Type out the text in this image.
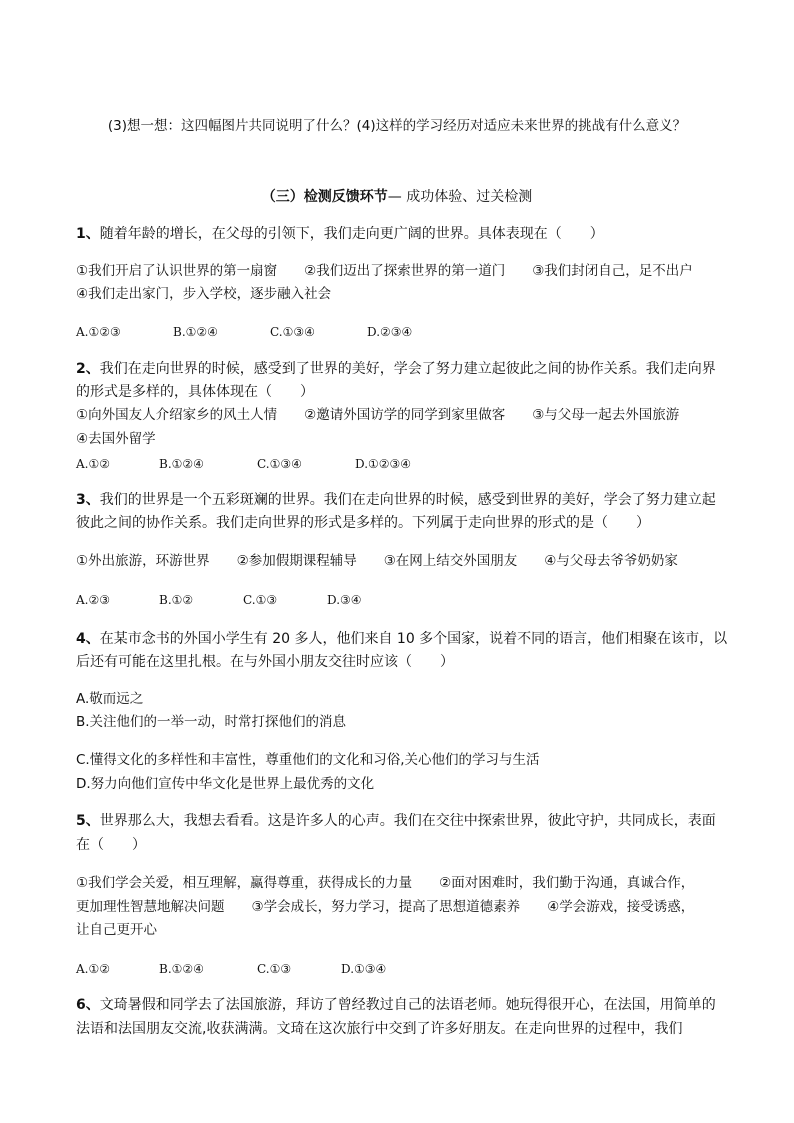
(3)想一想：这四幅图片共同说明了什么？(4)这样的学习经历对适应未来世界的挑战有什么意义？
（三）检测反馈环节— 成功体验、过关检测
1、随着年龄的增长，在父母的引领下，我们走向更广阔的世界。具体表现在（　　）
①我们开启了认识世界的第一扇窗　　②我们迈出了探索世界的第一道门　　③我们封闭自己，足不出户
④我们走出家门，步入学校，逐步融入社会
A.①②③	B.①②④	C.①③④	D.②③④
2、我们在走向世界的时候，感受到了世界的美好，学会了努力建立起彼此之间的协作关系。我们走向界
的形式是多样的，具体体现在（　　）
①向外国友人介绍家乡的风土人情　　②邀请外国访学的同学到家里做客　　③与父母一起去外国旅游
④去国外留学
A.①②	B.①②④	C.①③④	D.①②③④
3、我们的世界是一个五彩斑斓的世界。我们在走向世界的时候，感受到世界的美好，学会了努力建立起
彼此之间的协作关系。我们走向世界的形式是多样的。下列属于走向世界的形式的是（　　）
①外出旅游，环游世界　　②参加假期课程辅导　　③在网上结交外国朋友　　④与父母去爷爷奶奶家
A.②③	B.①②	C.①③	D.③④
4、在某市念书的外国小学生有 20 多人，他们来自 10 多个国家，说着不同的语言，他们相聚在该市，以
后还有可能在这里扎根。在与外国小朋友交往时应该（　　）
A.敬而远之
B.关注他们的一举一动，时常打探他们的消息
C.懂得文化的多样性和丰富性，尊重他们的文化和习俗,关心他们的学习与生活
D.努力向他们宣传中华文化是世界上最优秀的文化
5、世界那么大，我想去看看。这是许多人的心声。我们在交往中探索世界，彼此守护，共同成长，表面
在（　　）
①我们学会关爱，相互理解，赢得尊重，获得成长的力量　　②面对困难时，我们勤于沟通，真诚合作，
更加理性智慧地解决问题　　③学会成长，努力学习，提高了思想道德素养　　④学会游戏，接受诱惑，
让自己更开心
A.①②	B.①②④	C.①③	D.①③④
6、文琦暑假和同学去了法国旅游，拜访了曾经教过自己的法语老师。她玩得很开心，在法国，用简单的
法语和法国朋友交流,收获满满。文琦在这次旅行中交到了许多好朋友。在走向世界的过程中，我们
